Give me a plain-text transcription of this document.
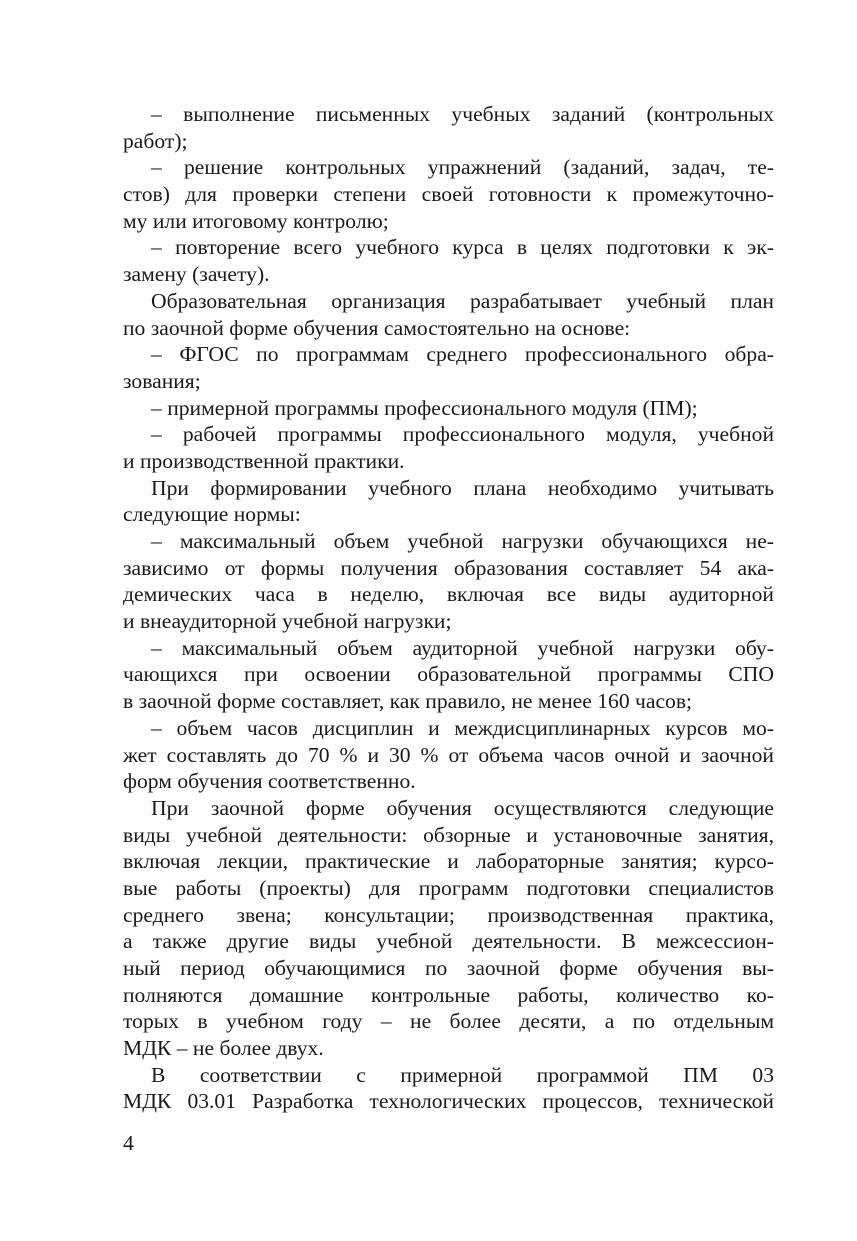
– выполнение письменных учебных заданий (контрольных
работ);
– решение контрольных упражнений (заданий, задач, те-
стов) для проверки степени своей готовности к промежуточно-
му или итоговому контролю;
– повторение всего учебного курса в целях подготовки к эк-
замену (зачету).
Образовательная организация разрабатывает учебный план
по заочной форме обучения самостоятельно на основе:
– ФГОС по программам среднего профессионального обра-
зования;
– примерной программы профессионального модуля (ПМ);
– рабочей программы профессионального модуля, учебной
и производственной практики.
При формировании учебного плана необходимо учитывать
следующие нормы:
– максимальный объем учебной нагрузки обучающихся не-
зависимо от формы получения образования составляет 54 ака-
демических часа в неделю, включая все виды аудиторной
и внеаудиторной учебной нагрузки;
– максимальный объем аудиторной учебной нагрузки обу-
чающихся при освоении образовательной программы СПО
в заочной форме составляет, как правило, не менее 160 часов;
– объем часов дисциплин и междисциплинарных курсов мо-
жет составлять до 70 % и 30 % от объема часов очной и заочной
форм обучения соответственно.
При заочной форме обучения осуществляются следующие
виды учебной деятельности: обзорные и установочные занятия,
включая лекции, практические и лабораторные занятия; курсо-
вые работы (проекты) для программ подготовки специалистов
среднего звена; консультации; производственная практика,
а также другие виды учебной деятельности. В межсессион-
ный период обучающимися по заочной форме обучения вы-
полняются домашние контрольные работы, количество ко-
торых в учебном году – не более десяти, а по отдельным
МДК – не более двух.
В соответствии с примерной программой ПМ 03
МДК 03.01 Разработка технологических процессов, технической
4
